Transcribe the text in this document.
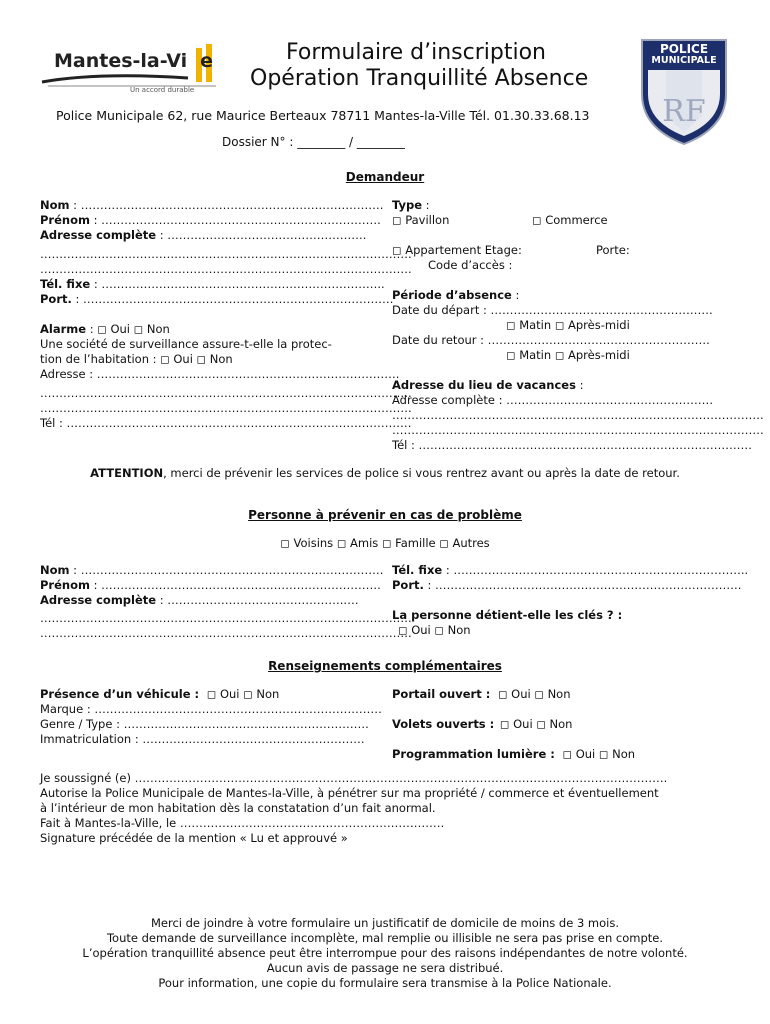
Mantes-la-Vi e
Un accord durable
Formulaire d’inscription
Opération Tranquillité Absence
RF
POLICE
MUNICIPALE
Police Municipale 62, rue Maurice Berteaux 78711 Mantes-la-Ville Tél. 01.30.33.68.13
Dossier N° : ________ / ________
Demandeur
Nom : …………………………………………………………………….
Prénom : ……………………………………………………………….
Adresse complète : …………………………………………….
…………………………………………………………………………………….
…………………………………………………………………………………….
Tél. fixe : ………………………………………………………………..
Port. : ………………………………………………………………………
Alarme : ◻ Oui ◻ Non
Une société de surveillance assure-t-elle la protec-
tion de l’habitation : ◻ Oui ◻ Non
Adresse : …………………………………………………………………….
…………………………………………………………………………………….
…………………………………………………………………………………….
Tél : ………………………………………………………………………………
Type :
◻ Pavillon	◻ Commerce
◻ Appartement Etage:	Porte:
Code d’accès :
Période d’absence :
Date du départ : ………………………………………………….
◻ Matin ◻ Après-midi
Date du retour : ………………………………………………….
◻ Matin ◻ Après-midi
Adresse du lieu de vacances :
Adresse complète : ………………………………………………
…………………………………………………………………………………….
…………………………………………………………………………………….
Tél : ……………………………………………………………………………
ATTENTION, merci de prévenir les services de police si vous rentrez avant ou après la date de retour.
Personne à prévenir en cas de problème
◻ Voisins ◻ Amis ◻ Famille ◻ Autres
Nom : …………………………………………………………………….
Prénom : ……………………………………………………………….
Adresse complète : ………………………………………..…
…………………………………………………………………………………….
…………………………………………………………………………………….
Tél. fixe : …………………………………………………………………..
Port. : ……………………………………………………………………..
La personne détient-elle les clés ? :
◻ Oui ◻ Non
Renseignements complémentaires
Présence d’un véhicule : ◻ Oui ◻ Non
Marque : …………………………………………………………………
Genre / Type : ……………………………………………………….
Immatriculation : ………………………………………………….
Portail ouvert : ◻ Oui ◻ Non
Volets ouverts : ◻ Oui ◻ Non
Programmation lumière : ◻ Oui ◻ Non
Je soussigné (e) ………………………………………………………………………………………………………………………….
Autorise la Police Municipale de Mantes-la-Ville, à pénétrer sur ma propriété / commerce et éventuellement
à l’intérieur de mon habitation dès la constatation d’un fait anormal.
Fait à Mantes-la-Ville, le ……………………………………………………………
Signature précédée de la mention « Lu et approuvé »
Merci de joindre à votre formulaire un justificatif de domicile de moins de 3 mois.
Toute demande de surveillance incomplète, mal remplie ou illisible ne sera pas prise en compte.
L’opération tranquillité absence peut être interrompue pour des raisons indépendantes de notre volonté.
Aucun avis de passage ne sera distribué.
Pour information, une copie du formulaire sera transmise à la Police Nationale.
